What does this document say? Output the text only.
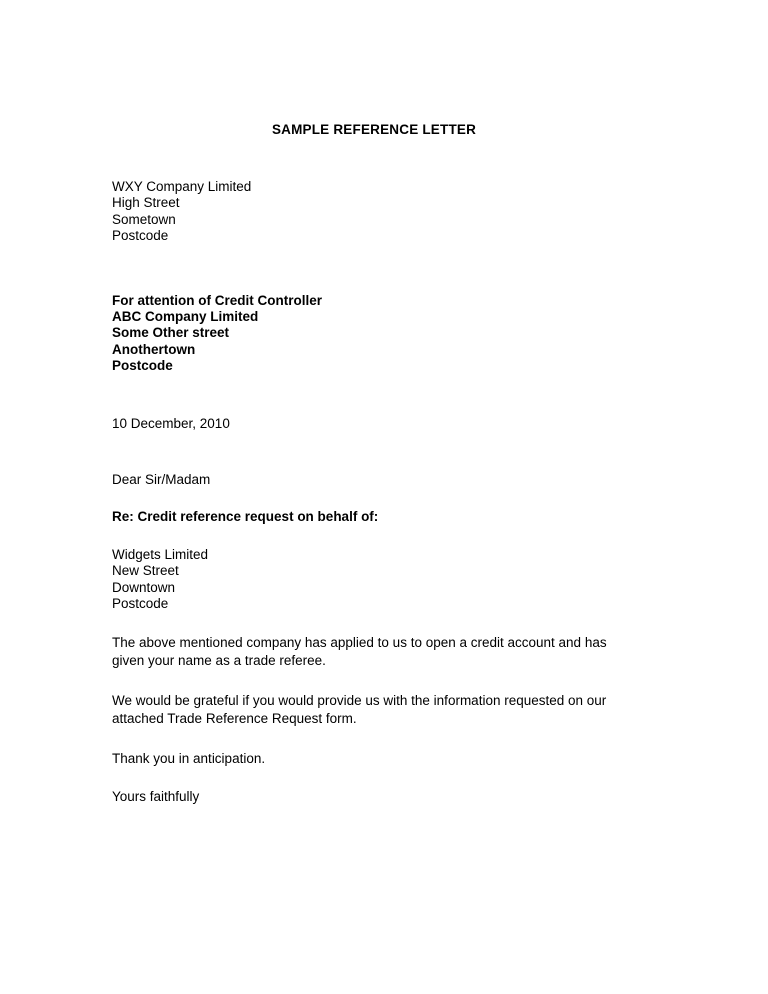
SAMPLE REFERENCE LETTER
WXY Company Limited
High Street
Sometown
Postcode
For attention of Credit Controller
ABC Company Limited
Some Other street
Anothertown
Postcode
10 December, 2010
Dear Sir/Madam
Re: Credit reference request on behalf of:
Widgets Limited
New Street
Downtown
Postcode
The above mentioned company has applied to us to open a credit account and has given your name as a trade referee.
We would be grateful if you would provide us with the information requested on our attached Trade Reference Request form.
Thank you in anticipation.
Yours faithfully
